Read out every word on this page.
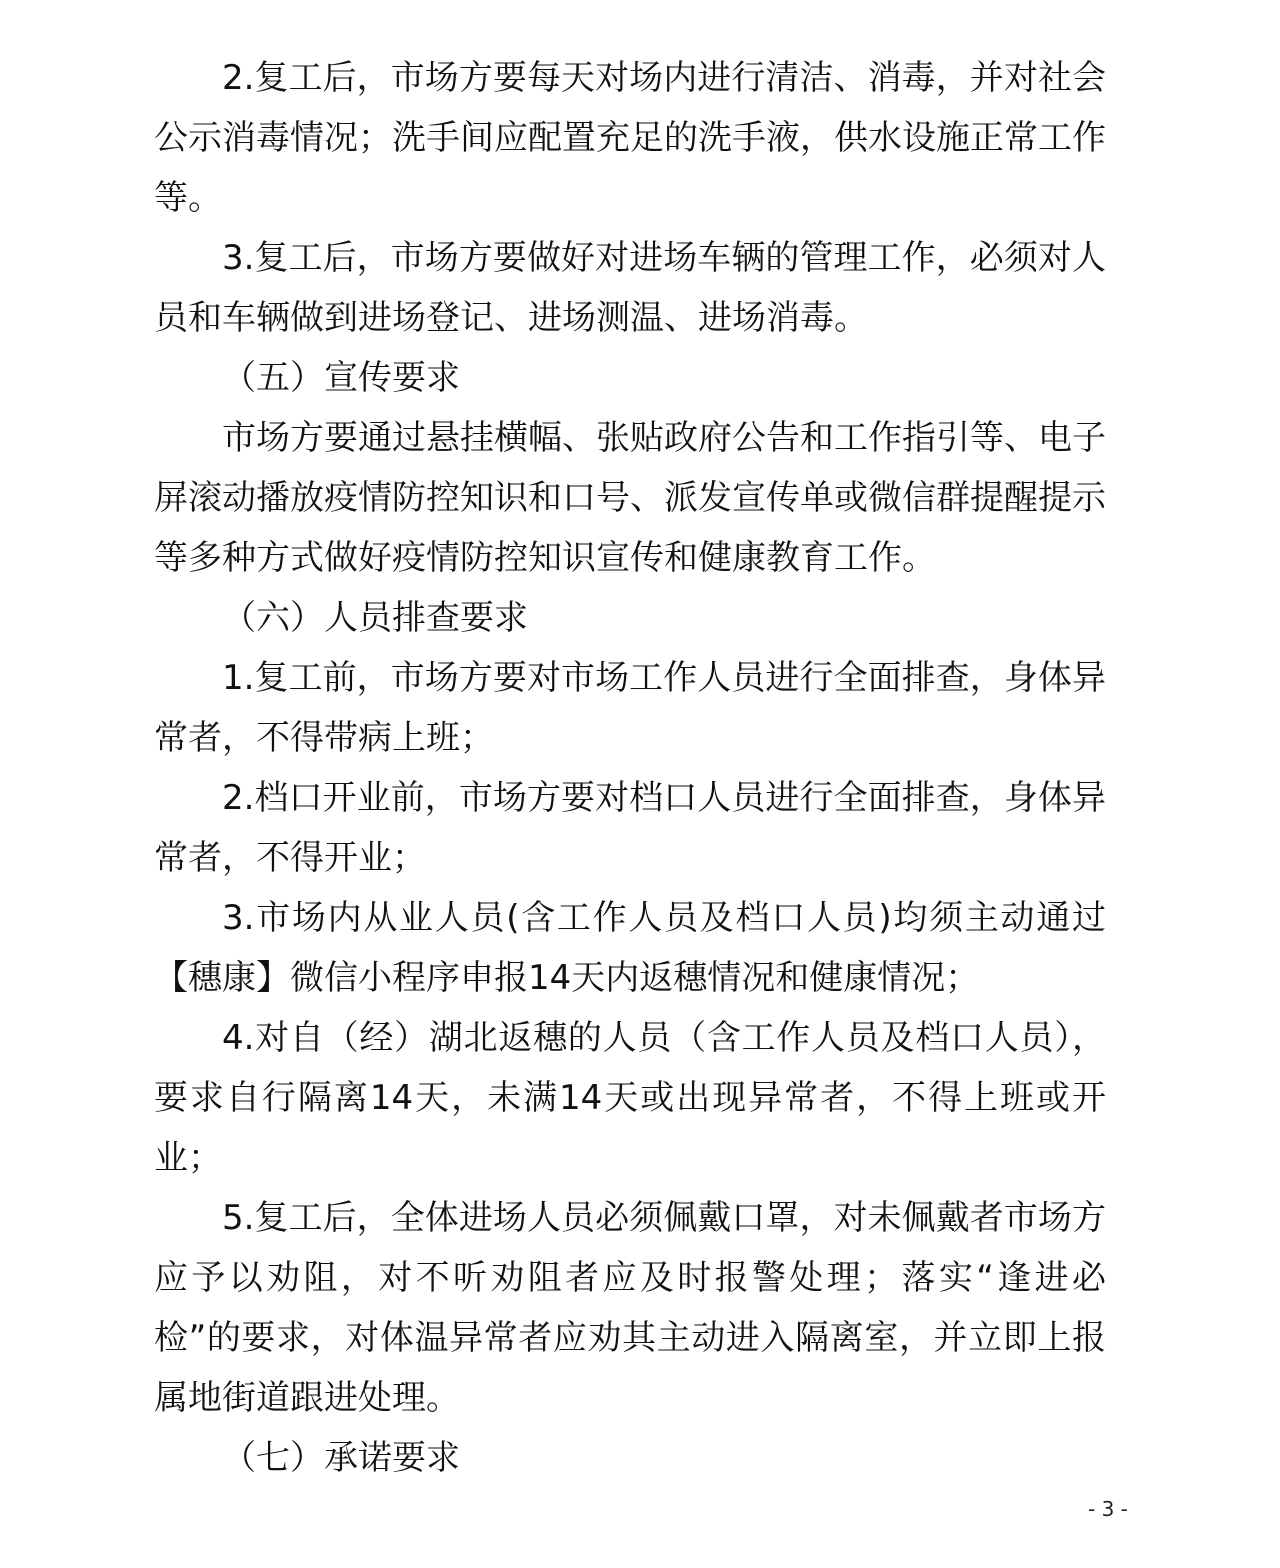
2.复工后，市场方要每天对场内进行清洁、消毒，并对社会公示消毒情况；洗手间应配置充足的洗手液，供水设施正常工作等。

3.复工后，市场方要做好对进场车辆的管理工作，必须对人员和车辆做到进场登记、进场测温、进场消毒。

（五）宣传要求

市场方要通过悬挂横幅、张贴政府公告和工作指引等、电子屏滚动播放疫情防控知识和口号、派发宣传单或微信群提醒提示等多种方式做好疫情防控知识宣传和健康教育工作。

（六）人员排查要求

1.复工前，市场方要对市场工作人员进行全面排查，身体异常者，不得带病上班；

2.档口开业前，市场方要对档口人员进行全面排查，身体异常者，不得开业；

3.市场内从业人员(含工作人员及档口人员)均须主动通过【穗康】微信小程序申报14天内返穗情况和健康情况；

4.对自（经）湖北返穗的人员（含工作人员及档口人员），要求自行隔离14天，未满14天或出现异常者，不得上班或开业；

5.复工后，全体进场人员必须佩戴口罩，对未佩戴者市场方应予以劝阻，对不听劝阻者应及时报警处理；落实“逢进必检”的要求，对体温异常者应劝其主动进入隔离室，并立即上报属地街道跟进处理。

（七）承诺要求

- 3 -
